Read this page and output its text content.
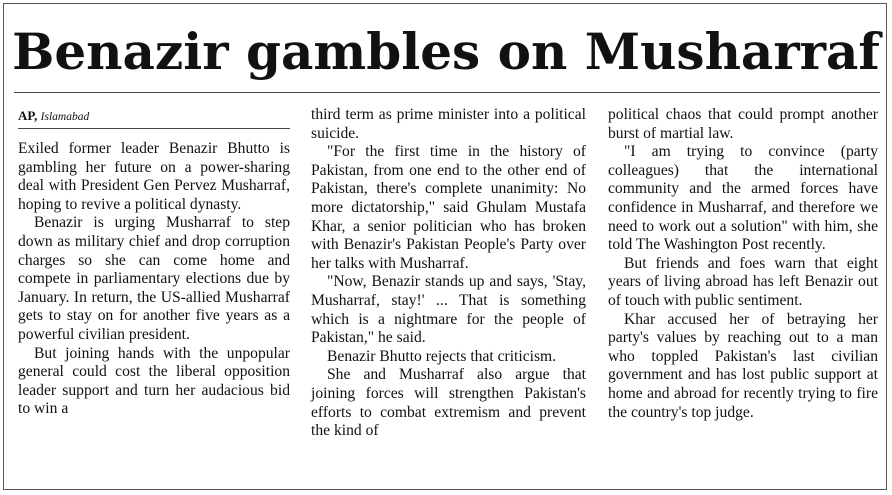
Benazir gambles on Musharraf
AP, Islamabad

Exiled former leader Benazir Bhutto is gambling her future on a power-sharing deal with President Gen Pervez Musharraf, hoping to revive a political dynasty.

Benazir is urging Musharraf to step down as military chief and drop corruption charges so she can come home and compete in parliamentary elections due by January. In return, the US-allied Musharraf gets to stay on for another five years as a powerful civilian president.

But joining hands with the unpopular general could cost the liberal opposition leader support and turn her audacious bid to win a

third term as prime minister into a political suicide.

"For the first time in the history of Pakistan, from one end to the other end of Pakistan, there's complete unanimity: No more dictatorship," said Ghulam Mustafa Khar, a senior politician who has broken with Benazir's Pakistan People's Party over her talks with Musharraf.

"Now, Benazir stands up and says, 'Stay, Musharraf, stay!' ... That is something which is a nightmare for the people of Pakistan," he said.

Benazir Bhutto rejects that criticism.

She and Musharraf also argue that joining forces will strengthen Pakistan's efforts to combat extremism and prevent the kind of

political chaos that could prompt another burst of martial law.

"I am trying to convince (party colleagues) that the international community and the armed forces have confidence in Musharraf, and therefore we need to work out a solution" with him, she told The Washington Post recently.

But friends and foes warn that eight years of living abroad has left Benazir out of touch with public sentiment.

Khar accused her of betraying her party's values by reaching out to a man who toppled Pakistan's last civilian government and has lost public support at home and abroad for recently trying to fire the country's top judge.
